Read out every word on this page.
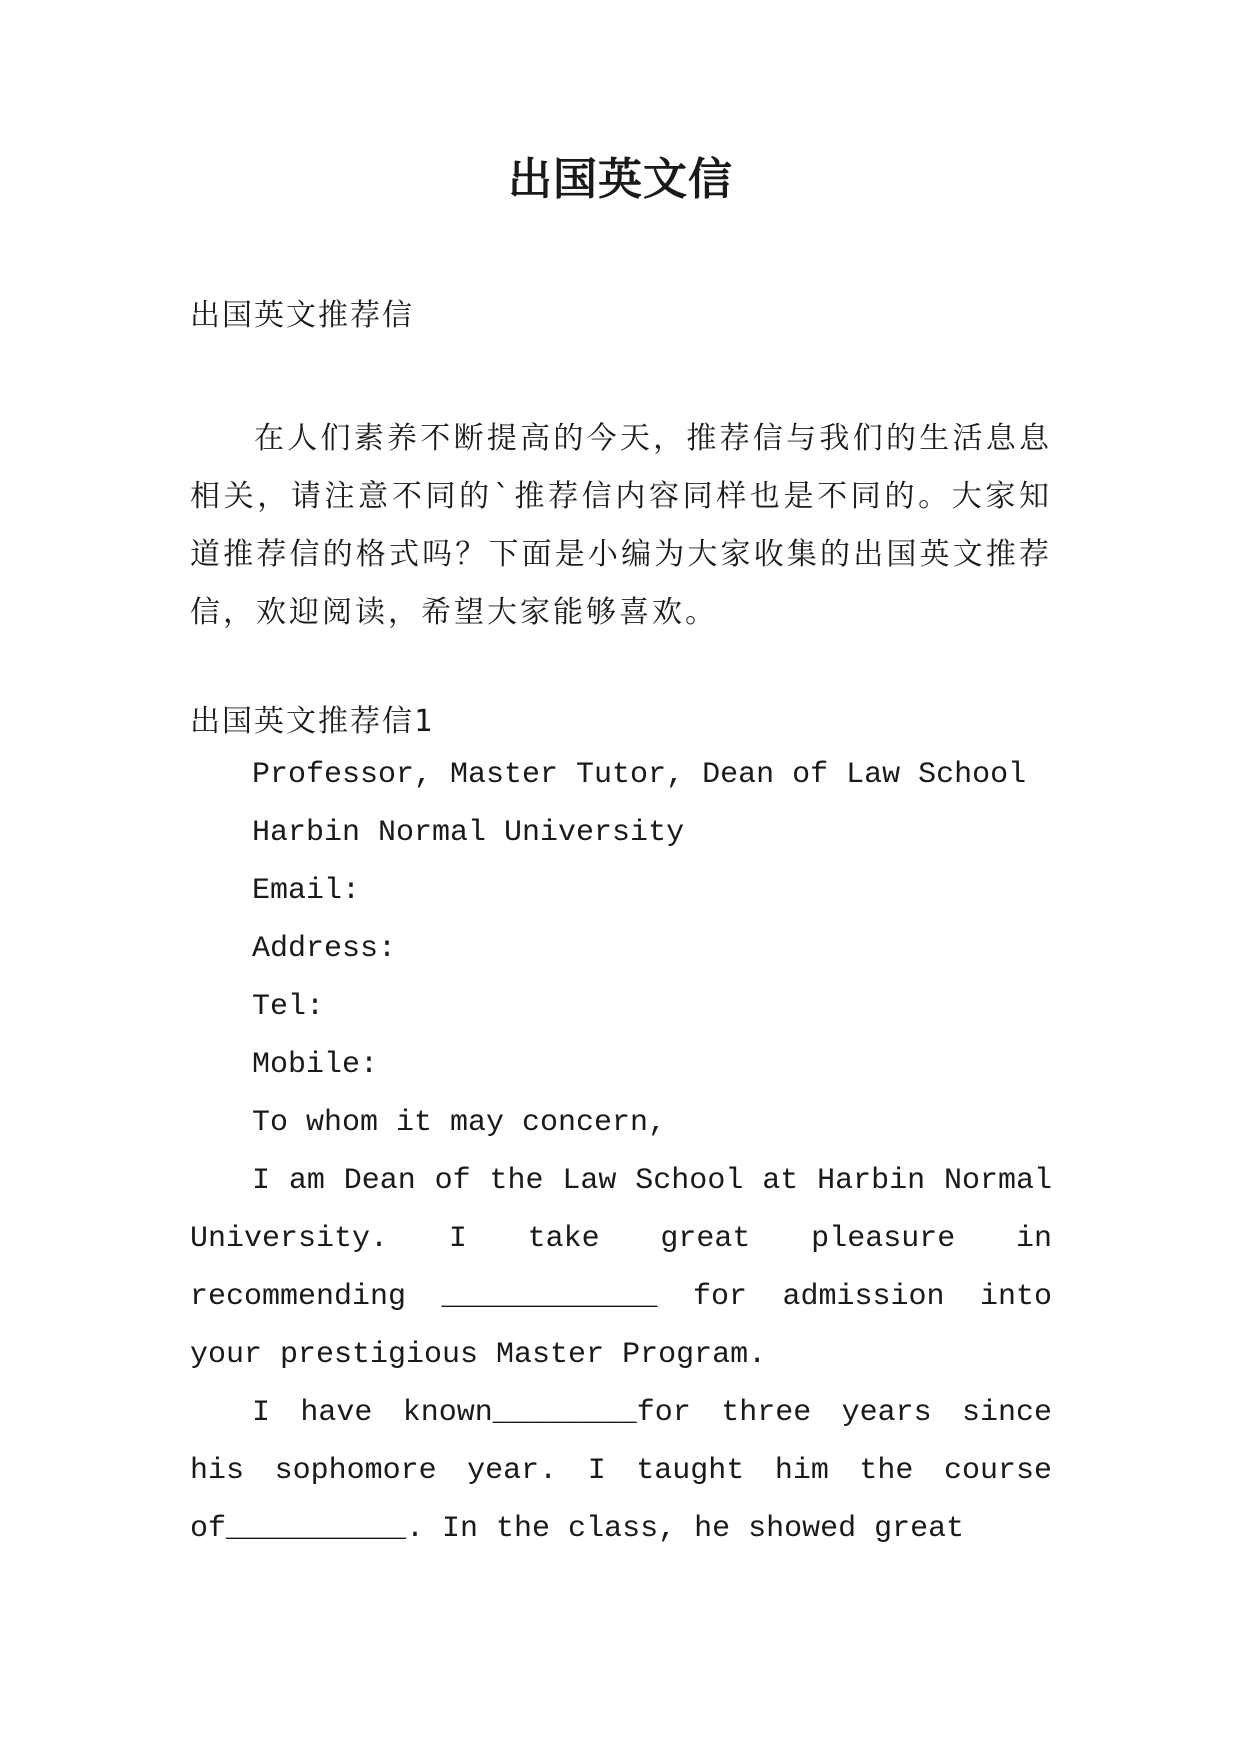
出国英文信
出国英文推荐信
在人们素养不断提高的今天，推荐信与我们的生活息息相关，请注意不同的`推荐信内容同样也是不同的。大家知道推荐信的格式吗？下面是小编为大家收集的出国英文推荐信，欢迎阅读，希望大家能够喜欢。
出国英文推荐信1
Professor, Master Tutor, Dean of Law School
Harbin Normal University
Email:
Address:
Tel:
Mobile:
To whom it may concern,

I am Dean of the Law School at Harbin Normal University. I take great pleasure in recommending ____________ for admission into your prestigious Master Program.

I have known________for three years since his sophomore year. I taught him the course of__________. In the class, he showed great
